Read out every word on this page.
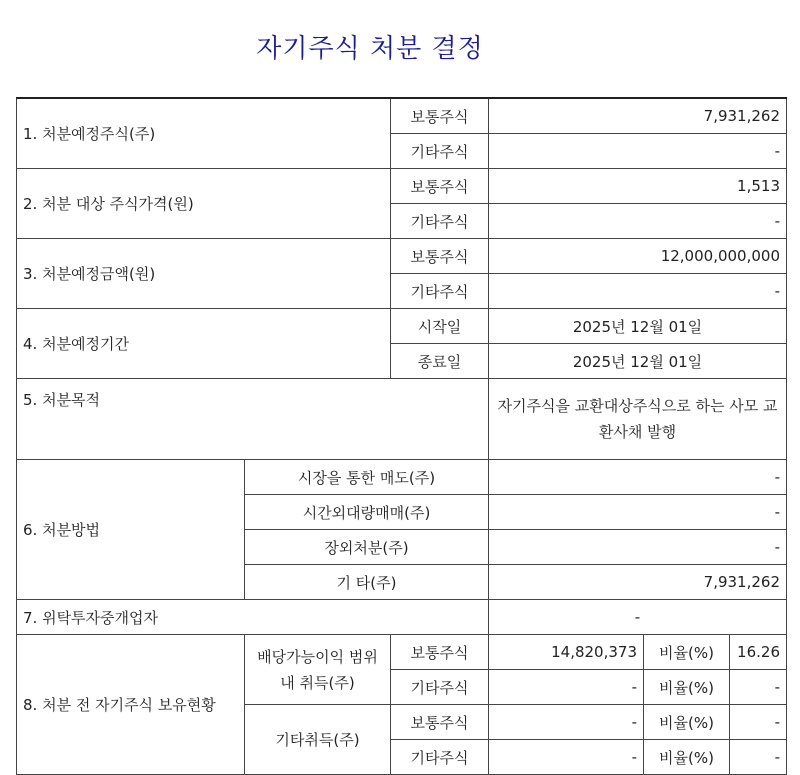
자기주식 처분 결정
1. 처분예정주식(주)		보통주식	7,931,262		
		기타주식	-		
2. 처분 대상 주식가격(원)		보통주식	1,513		
		기타주식	-		
3. 처분예정금액(원)		보통주식	12,000,000,000		
		기타주식	-		
4. 처분예정기간		시작일	2025년 12월 01일		
		종료일	2025년 12월 01일		
5. 처분목적			자기주식을 교환대상주식으로 하는 사모 교환사채 발행		
6. 처분방법	시장을 통한 매도(주)		-		
	시간외대량매매(주)		-		
	장외처분(주)		-		
	기 타(주)		7,931,262		
7. 위탁투자중개업자			-		
8. 처분 전 자기주식 보유현황	배당가능이익 범위 내 취득(주)	보통주식	14,820,373	비율(%)	16.26
		기타주식	-	비율(%)	-
	기타취득(주)	보통주식	-	비율(%)	-
		기타주식	-	비율(%)	-
